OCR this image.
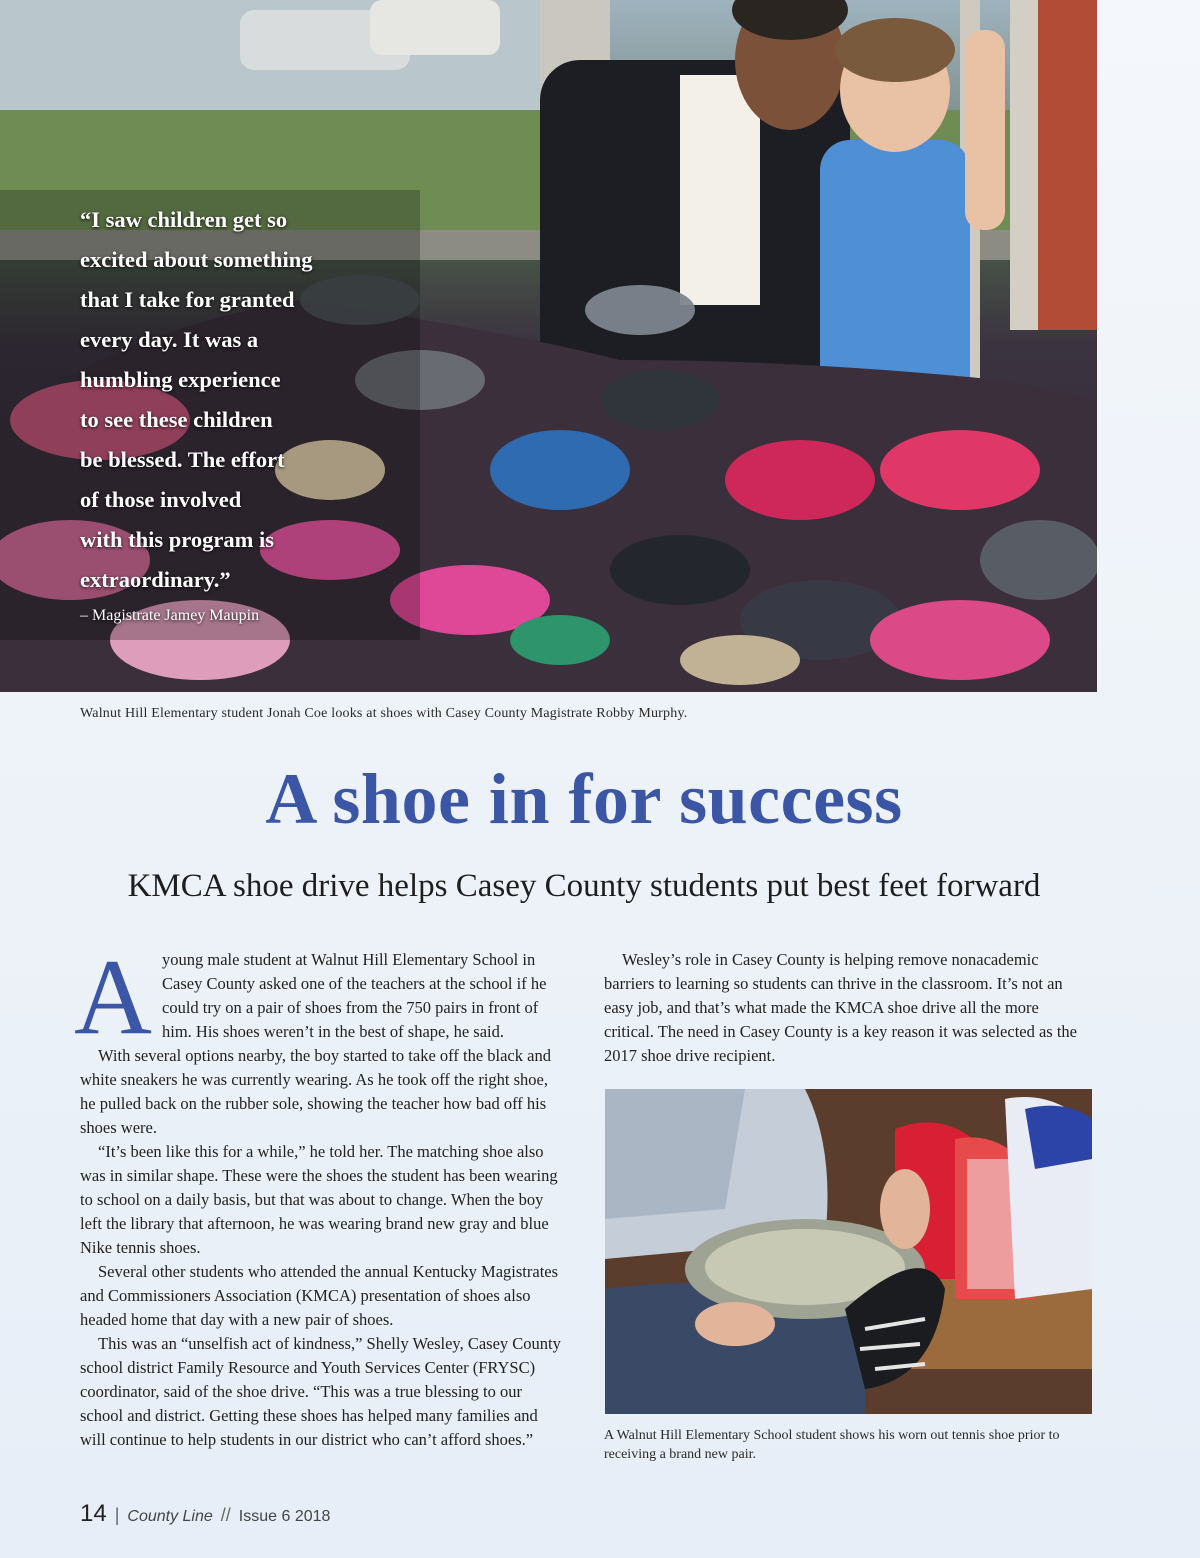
“I saw children get so
excited about something
that I take for granted
every day. It was a
humbling experience
to see these children
be blessed. The effort
of those involved
with this program is
extraordinary.”
– Magistrate Jamey Maupin
Walnut Hill Elementary student Jonah Coe looks at shoes with Casey County Magistrate Robby Murphy.
A shoe in for success
KMCA shoe drive helps Casey County students put best feet forward

Ayoung male student at Walnut Hill Elementary School in Casey County asked one of the teachers at the school if he could try on a pair of shoes from the 750 pairs in front of him. His shoes weren’t in the best of shape, he said.

With several options nearby, the boy started to take off the black and white sneakers he was currently wearing. As he took off the right shoe, he pulled back on the rubber sole, showing the teacher how bad off his shoes were.

“It’s been like this for a while,” he told her. The matching shoe also was in similar shape. These were the shoes the student has been wearing to school on a daily basis, but that was about to change. When the boy left the library that afternoon, he was wearing brand new gray and blue Nike tennis shoes.

Several other students who attended the annual Kentucky Magistrates and Commissioners Association (KMCA) presentation of shoes also headed home that day with a new pair of shoes.

This was an “unselfish act of kindness,” Shelly Wesley, Casey County school district Family Resource and Youth Services Center (FRYSC) coordinator, said of the shoe drive. “This was a true blessing to our school and district. Getting these shoes has helped many families and will continue to help students in our district who can’t afford shoes.”

Wesley’s role in Casey County is helping remove nonacademic barriers to learning so students can thrive in the classroom. It’s not an easy job, and that’s what made the KMCA shoe drive all the more critical. The need in Casey County is a key reason it was selected as the 2017 shoe drive recipient.

A Walnut Hill Elementary School student shows his worn out tennis shoe prior to receiving a brand new pair.
14 | County Line // Issue 6 2018
